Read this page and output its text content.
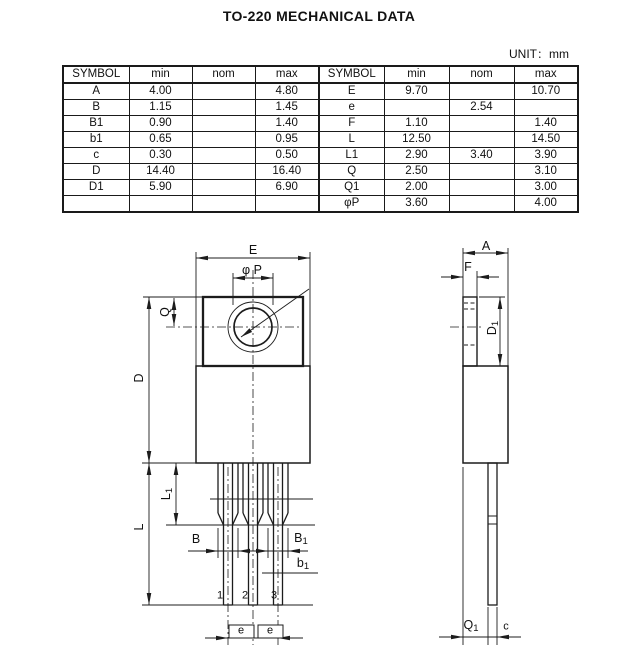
TO-220 MECHANICAL DATA
UNIT：mm
SYMBOL	min	nom	max	SYMBOL	min	nom	max
A	4.00		4.80	E	9.70		10.70
B	1.15		1.45	e		2.54	
B1	0.90		1.40	F	1.10		1.40
b1	0.65		0.95	L	12.50		14.50
c	0.30		0.50	L1	2.90	3.40	3.90
D	14.40		16.40	Q	2.50		3.10
D1	5.90		6.90	Q1	2.00		3.00
				φP	3.60		4.00
E
φ P
Q
D
L
1
L
B	B 1
b 1
1 2 3
e e
A
F
D
1
Q 1 c
